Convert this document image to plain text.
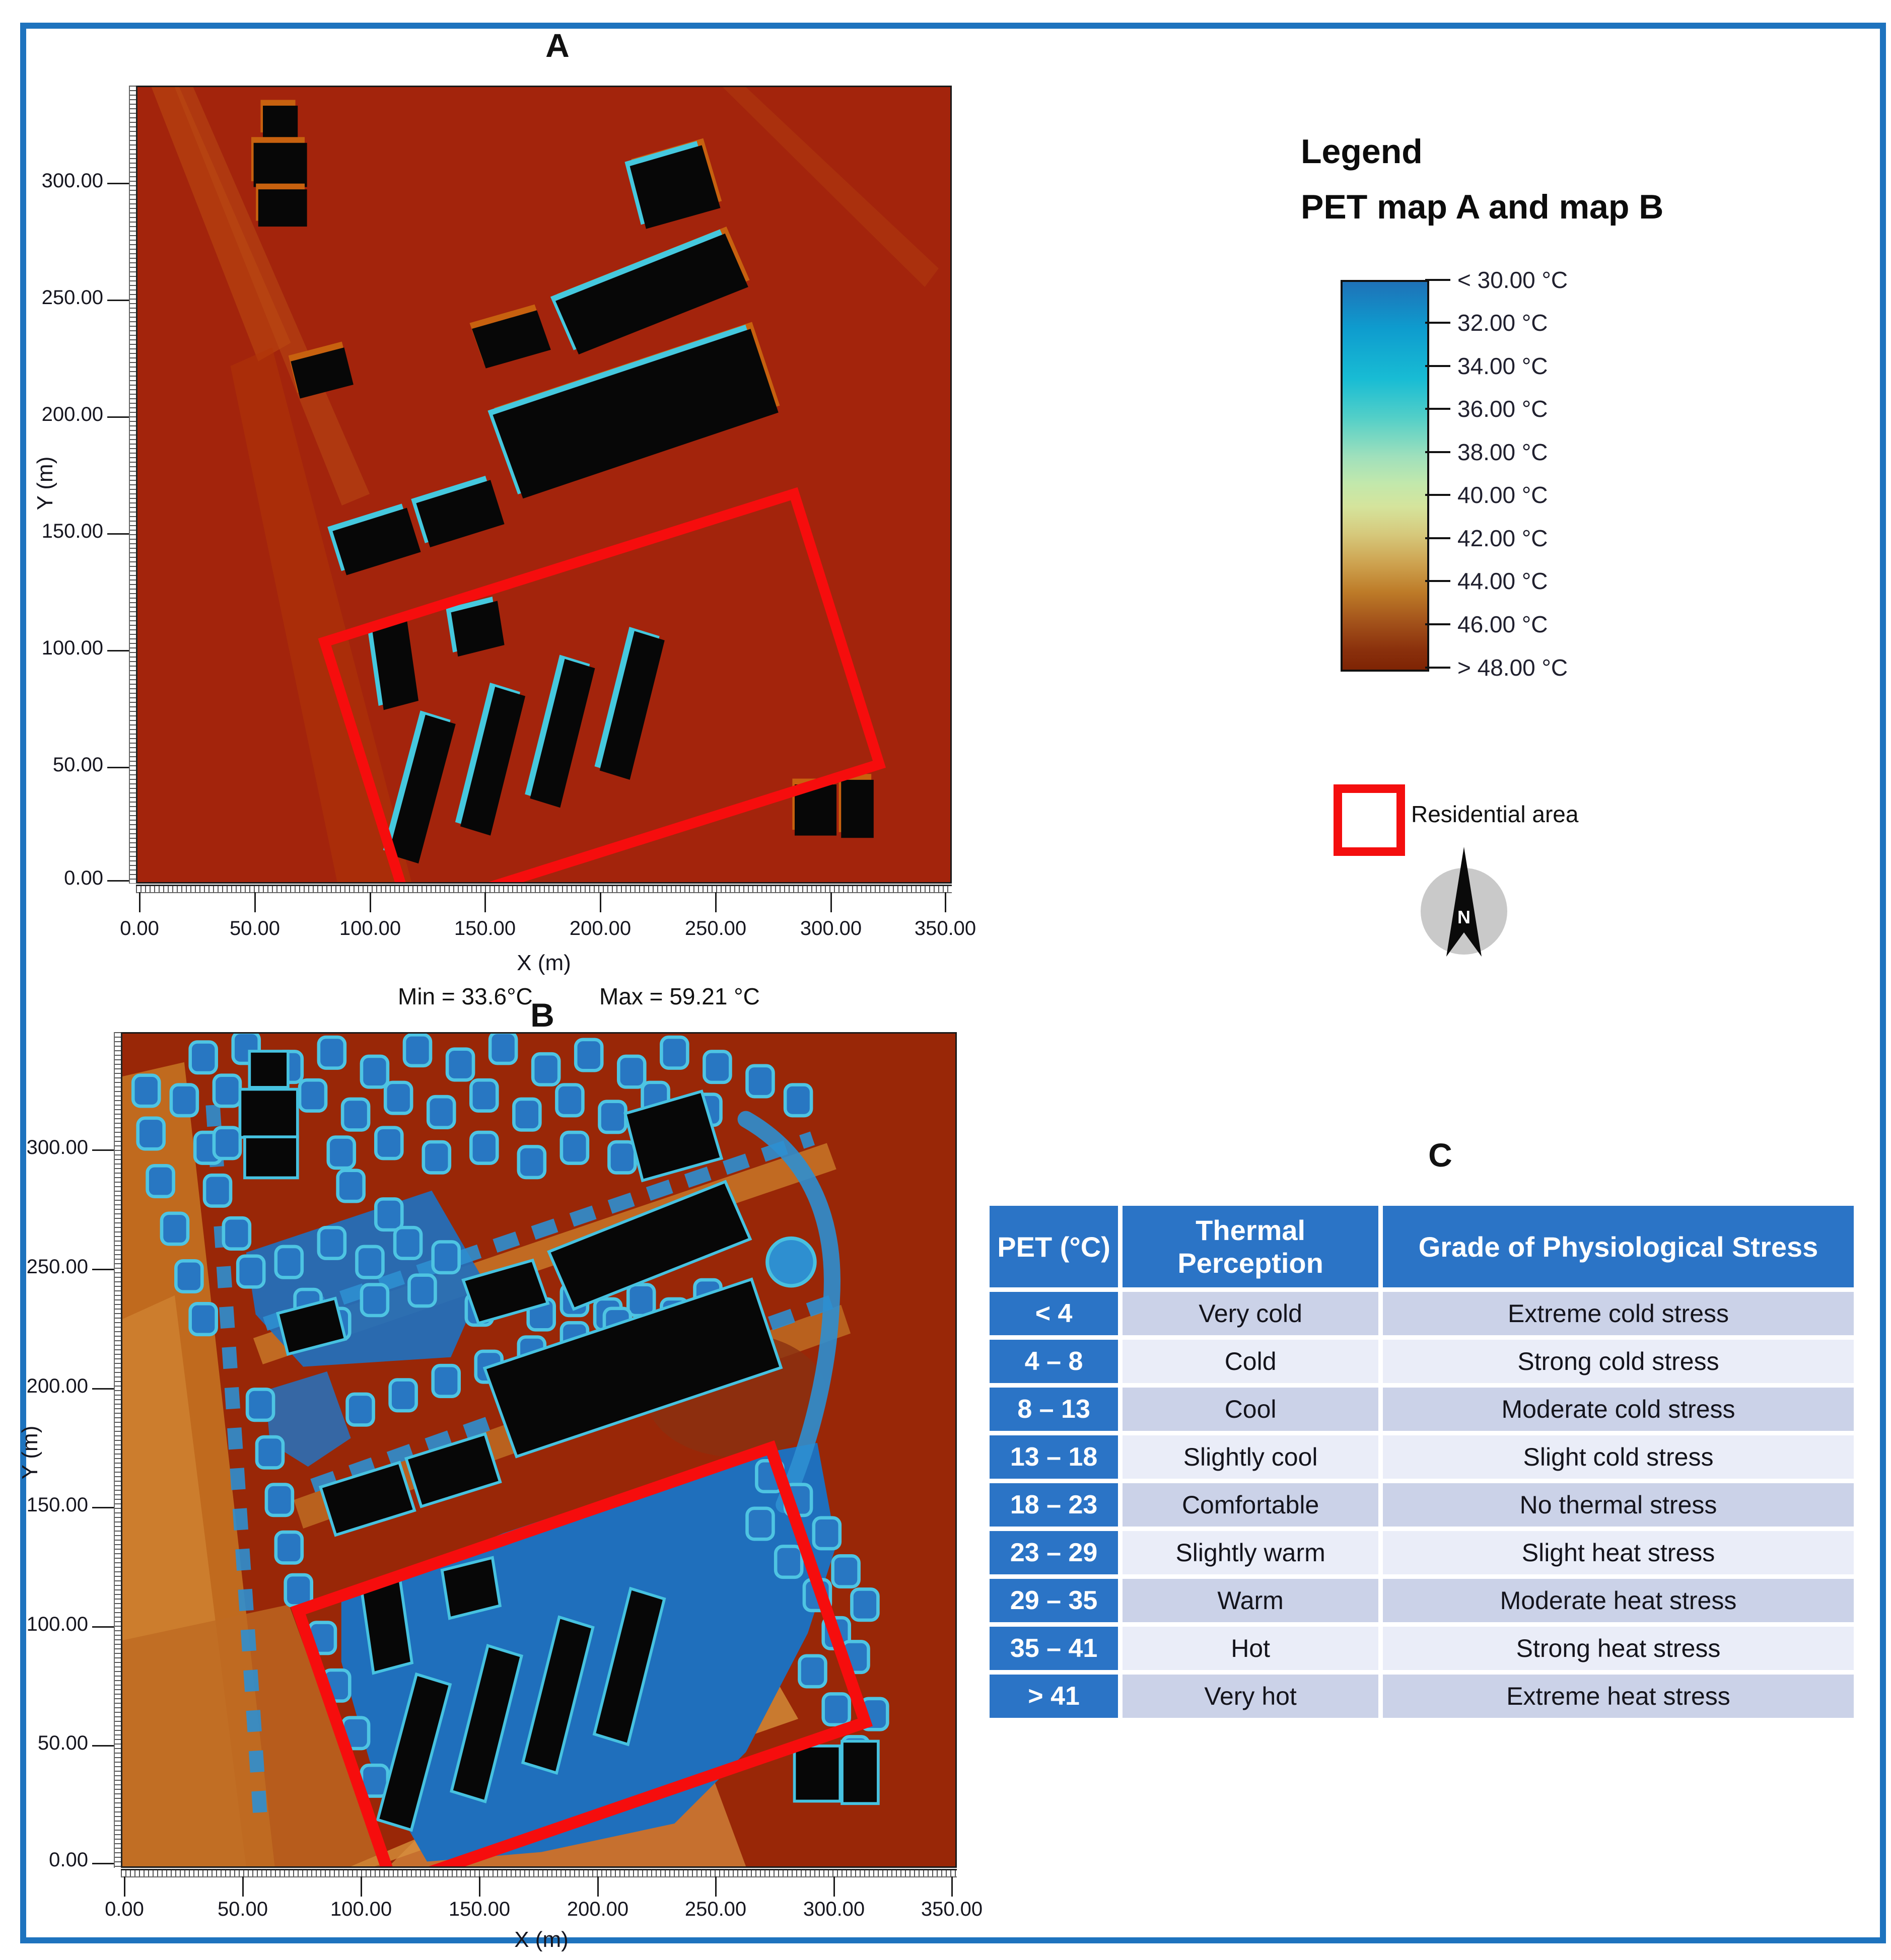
A
300.00
250.00
200.00
150.00
100.00
50.00
0.00
Y (m)
0.00	50.00	100.00	150.00	200.00	250.00	300.00	350.00
X (m)
Min = 33.6°C	Max = 59.21 °C
B
300.00
250.00
200.00
150.00
100.00
50.00
0.00
Y (m)
0.00	50.00	100.00	150.00	200.00	250.00	300.00	350.00
X (m)
Legend
PET map A and map B
< 30.00 °C
32.00 °C
34.00 °C
36.00 °C
38.00 °C
40.00 °C
42.00 °C
44.00 °C
46.00 °C
> 48.00 °C
Residential area
N
C
PET (°C)	Thermal Perception	Grade of Physiological Stress
< 4	Very cold	Extreme cold stress
4 – 8	Cold	Strong cold stress
8 – 13	Cool	Moderate cold stress
13 – 18	Slightly cool	Slight cold stress
18 – 23	Comfortable	No thermal stress
23 – 29	Slightly warm	Slight heat stress
29 – 35	Warm	Moderate heat stress
35 – 41	Hot	Strong heat stress
> 41	Very hot	Extreme heat stress
